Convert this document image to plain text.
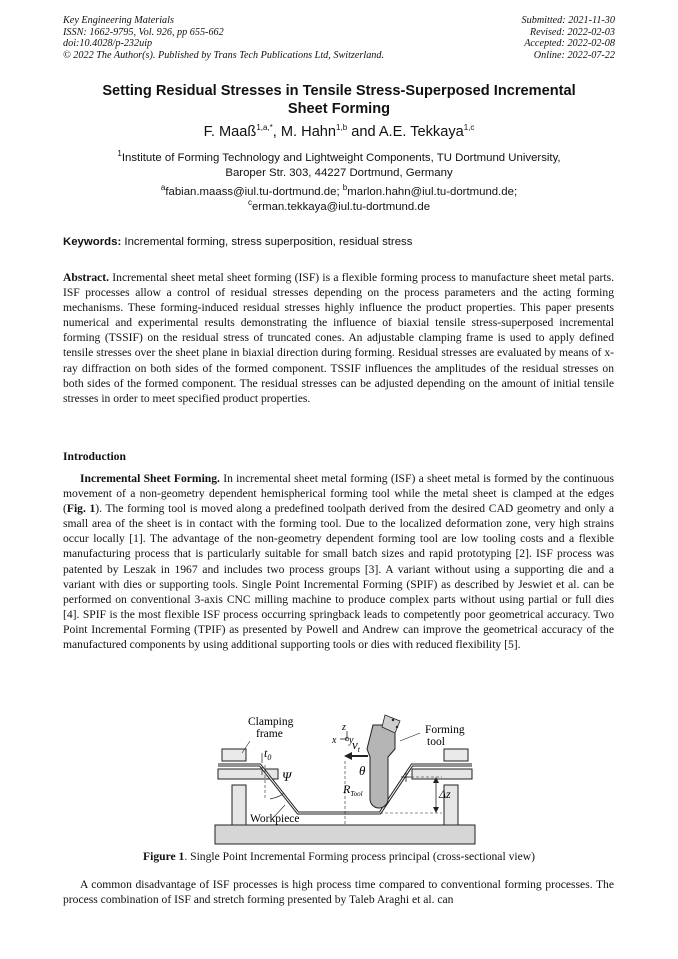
Key Engineering Materials	Submitted: 2021-11-30
ISSN: 1662-9795, Vol. 926, pp 655-662	Revised: 2022-02-03
doi:10.4028/p-232uip	Accepted: 2022-02-08
© 2022 The Author(s). Published by Trans Tech Publications Ltd, Switzerland.	Online: 2022-07-22
Setting Residual Stresses in Tensile Stress-Superposed Incremental
Sheet Forming
F. Maaß$^{1,a,*}$, M. Hahn$^{1,b}$ and A.E. Tekkaya$^{1,c}$
$^1$Institute of Forming Technology and Lightweight Components, TU Dortmund University,
Baroper Str. 303, 44227 Dortmund, Germany
$^a$fabian.maass@iul.tu-dortmund.de; $^b$marlon.hahn@iul.tu-dortmund.de;
$^c$erman.tekkaya@iul.tu-dortmund.de
Keywords: Incremental forming, stress superposition, residual stress
Abstract. Incremental sheet metal sheet forming (ISF) is a flexible forming process to manufacture sheet metal parts. ISF processes allow a control of residual stresses depending on the process parameters and the acting forming mechanisms. These forming-induced residual stresses highly influence the product properties. This paper presents numerical and experimental results demonstrating the influence of biaxial tensile stress-superposed incremental forming (TSSIF) on the residual stress of truncated cones. An adjustable clamping frame is used to apply defined tensile stresses over the sheet plane in biaxial direction during forming. Residual stresses are evaluated by means of x-ray diffraction on both sides of the formed component. TSSIF influences the amplitudes of the residual stresses on both sides of the formed component. The residual stresses can be adjusted depending on the amount of initial tensile stresses in order to meet specified product properties.
Introduction
Incremental Sheet Forming. In incremental sheet metal forming (ISF) a sheet metal is formed by the continuous movement of a non-geometry dependent hemispherical forming tool while the metal sheet is clamped at the edges (Fig. 1). The forming tool is moved along a predefined toolpath derived from the desired CAD geometry and only a small area of the sheet is in contact with the forming tool. Due to the localized deformation zone, very high strains occur locally [1]. The advantage of the non-geometry dependent forming tool are low tooling costs and a flexible manufacturing process that is particularly suitable for small batch sizes and rapid prototyping [2]. ISF process was patented by Leszak in 1967 and includes two process groups [3]. A variant without using a supporting die and a variant with dies or supporting tools. Single Point Incremental Forming (SPIF) as described by Jeswiet et al. can be performed on conventional 3-axis CNC milling machine to produce complex parts without using partial or full dies [4]. SPIF is the most flexible ISF process occurring springback leads to competently poor geometrical accuracy. Two Point Incremental Forming (TPIF) as presented by Powell and Andrew can improve the geometrical accuracy of the manufactured components by using additional supporting tools or dies with reduced flexibility [5].
Clamping
frame	Forming
tool
Workpiece
$t_0$
Ψ	θ
$v_t$
$R_{Tool}$	Δz
x y
z
Figure 1. Single Point Incremental Forming process principal (cross-sectional view)
A common disadvantage of ISF processes is high process time compared to conventional forming processes. The process combination of ISF and stretch forming presented by Taleb Araghi et al. can
